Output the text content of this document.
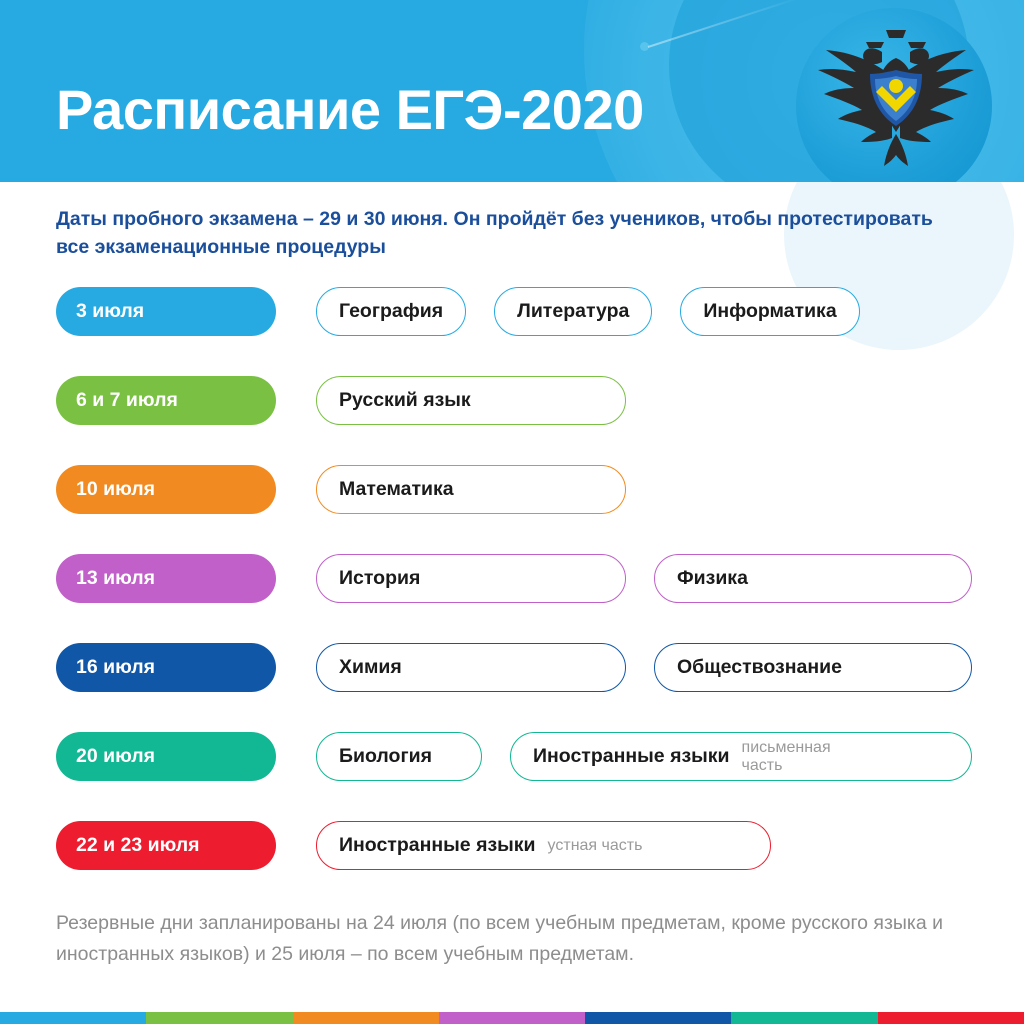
Расписание ЕГЭ-2020

Даты пробного экзамена – 29 и 30 июня. Он пройдёт без учеников, чтобы протестировать все экзаменационные процедуры

3 июля	География	Литература	Информатика
6 и 7 июля	Русский язык
10 июля	Математика
13 июля	История	Физика
16 июля	Химия	Обществознание
20 июля	Биология	Иностранные языки письменная часть
22 и 23 июля	Иностранные языки устная часть

Резервные дни запланированы на 24 июля (по всем учебным предметам, кроме русского языка и иностранных языков) и 25 июля – по всем учебным предметам.
